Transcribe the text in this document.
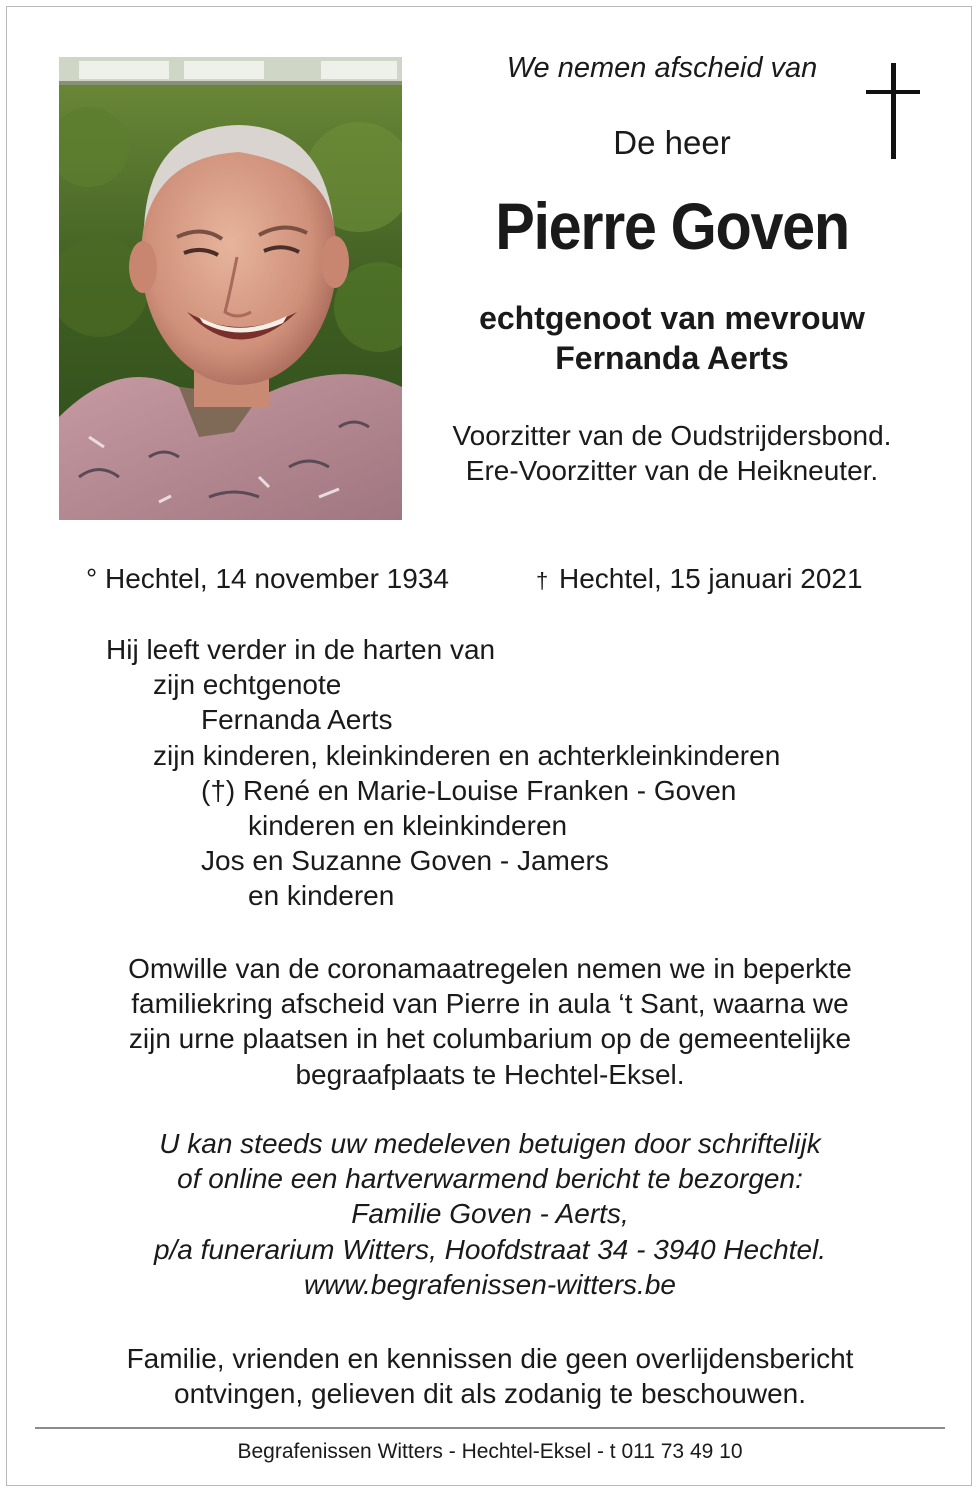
We nemen afscheid van
De heer
Pierre Goven
echtgenoot van mevrouw
Fernanda Aerts
Voorzitter van de Oudstrijdersbond.
Ere-Voorzitter van de Heikneuter.
° Hechtel, 14 november 1934	† Hechtel, 15 januari 2021
Hij leeft verder in de harten van
zijn echtgenote
Fernanda Aerts
zijn kinderen, kleinkinderen en achterkleinkinderen
(†) René en Marie-Louise Franken - Goven
kinderen en kleinkinderen
Jos en Suzanne Goven - Jamers
en kinderen
Omwille van de coronamaatregelen nemen we in beperkte
familiekring afscheid van Pierre in aula ‘t Sant, waarna we
zijn urne plaatsen in het columbarium op de gemeentelijke
begraafplaats te Hechtel-Eksel.
U kan steeds uw medeleven betuigen door schriftelijk
of online een hartverwarmend bericht te bezorgen:
Familie Goven - Aerts,
p/a funerarium Witters, Hoofdstraat 34 - 3940 Hechtel.
www.begrafenissen-witters.be
Familie, vrienden en kennissen die geen overlijdensbericht
ontvingen, gelieven dit als zodanig te beschouwen.
Begrafenissen Witters - Hechtel-Eksel - t 011 73 49 10
